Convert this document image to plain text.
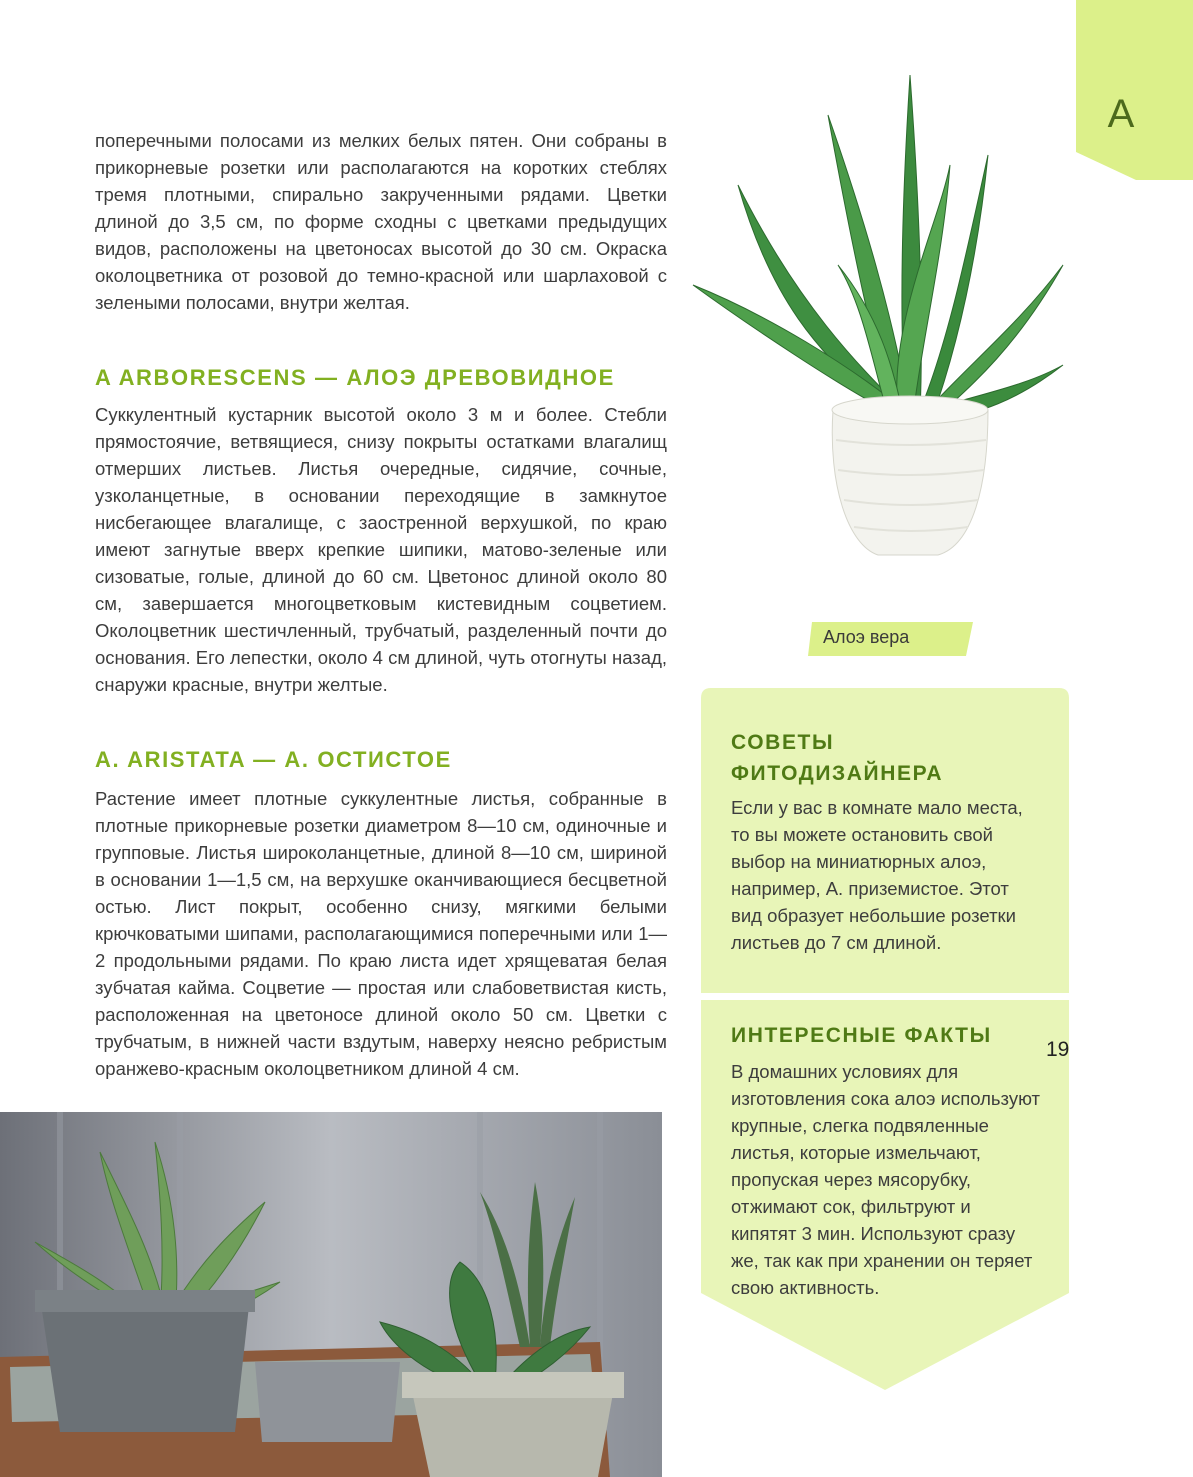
А

поперечными полосами из мелких белых пятен. Они собраны в прикорневые розетки или располагаются на коротких стеблях тремя плотными, спирально закрученными рядами. Цветки длиной до 3,5 см, по форме сходны с цветками предыдущих видов, расположены на цветоносах высотой до 30 см. Окраска околоцветника от розовой до темно-красной или шарлаховой с зелеными полосами, внутри желтая.

A ARBORESCENS — АЛОЭ ДРЕВОВИДНОЕ

Суккулентный кустарник высотой около 3 м и более. Стебли прямостоячие, ветвящиеся, снизу покрыты остатками влагалищ отмерших листьев. Листья очередные, сидячие, сочные, узколанцетные, в основании переходящие в замкнутое нисбегающее влагалище, с заостренной верхушкой, по краю имеют загнутые вверх крепкие шипики, матово-зеленые или сизоватые, голые, длиной до 60 см. Цветонос длиной около 80 см, завершается многоцветковым кистевидным соцветием. Околоцветник шестичленный, трубчатый, разделенный почти до основания. Его лепестки, около 4 см длиной, чуть отогнуты назад, снаружи красные, внутри желтые.

A. ARISTATA — А. ОСТИСТОЕ

Растение имеет плотные суккулентные листья, собранные в плотные прикорневые розетки диаметром 8—10 см, одиночные и групповые. Листья широколанцетные, длиной 8—10 см, шириной в основании 1—1,5 см, на верхушке оканчивающиеся бесцветной остью. Лист покрыт, особенно снизу, мягкими белыми крючковатыми шипами, располагающимися поперечными или 1—2 продольными рядами. По краю листа идет хрящеватая белая зубчатая кайма. Соцветие — простая или слабоветвистая кисть, расположенная на цветоносе длиной около 50 см. Цветки с трубчатым, в нижней части вздутым, наверху неясно ребристым оранжево-красным околоцветником длиной 4 см.

Алоэ вера
СОВЕТЫ ФИТОДИЗАЙНЕРА

Если у вас в комнате мало места, то вы можете остановить свой выбор на миниатюрных алоэ, например, А. приземистое. Этот вид образует небольшие розетки листьев до 7 см длиной.

ИНТЕРЕСНЫЕ ФАКТЫ

В домашних условиях для изготовления сока алоэ используют крупные, слегка подвяленные листья, которые измельчают, пропуская через мясорубку, отжимают сок, фильтруют и кипятят 3 мин. Используют сразу же, так как при хранении он теряет свою активность.

19
